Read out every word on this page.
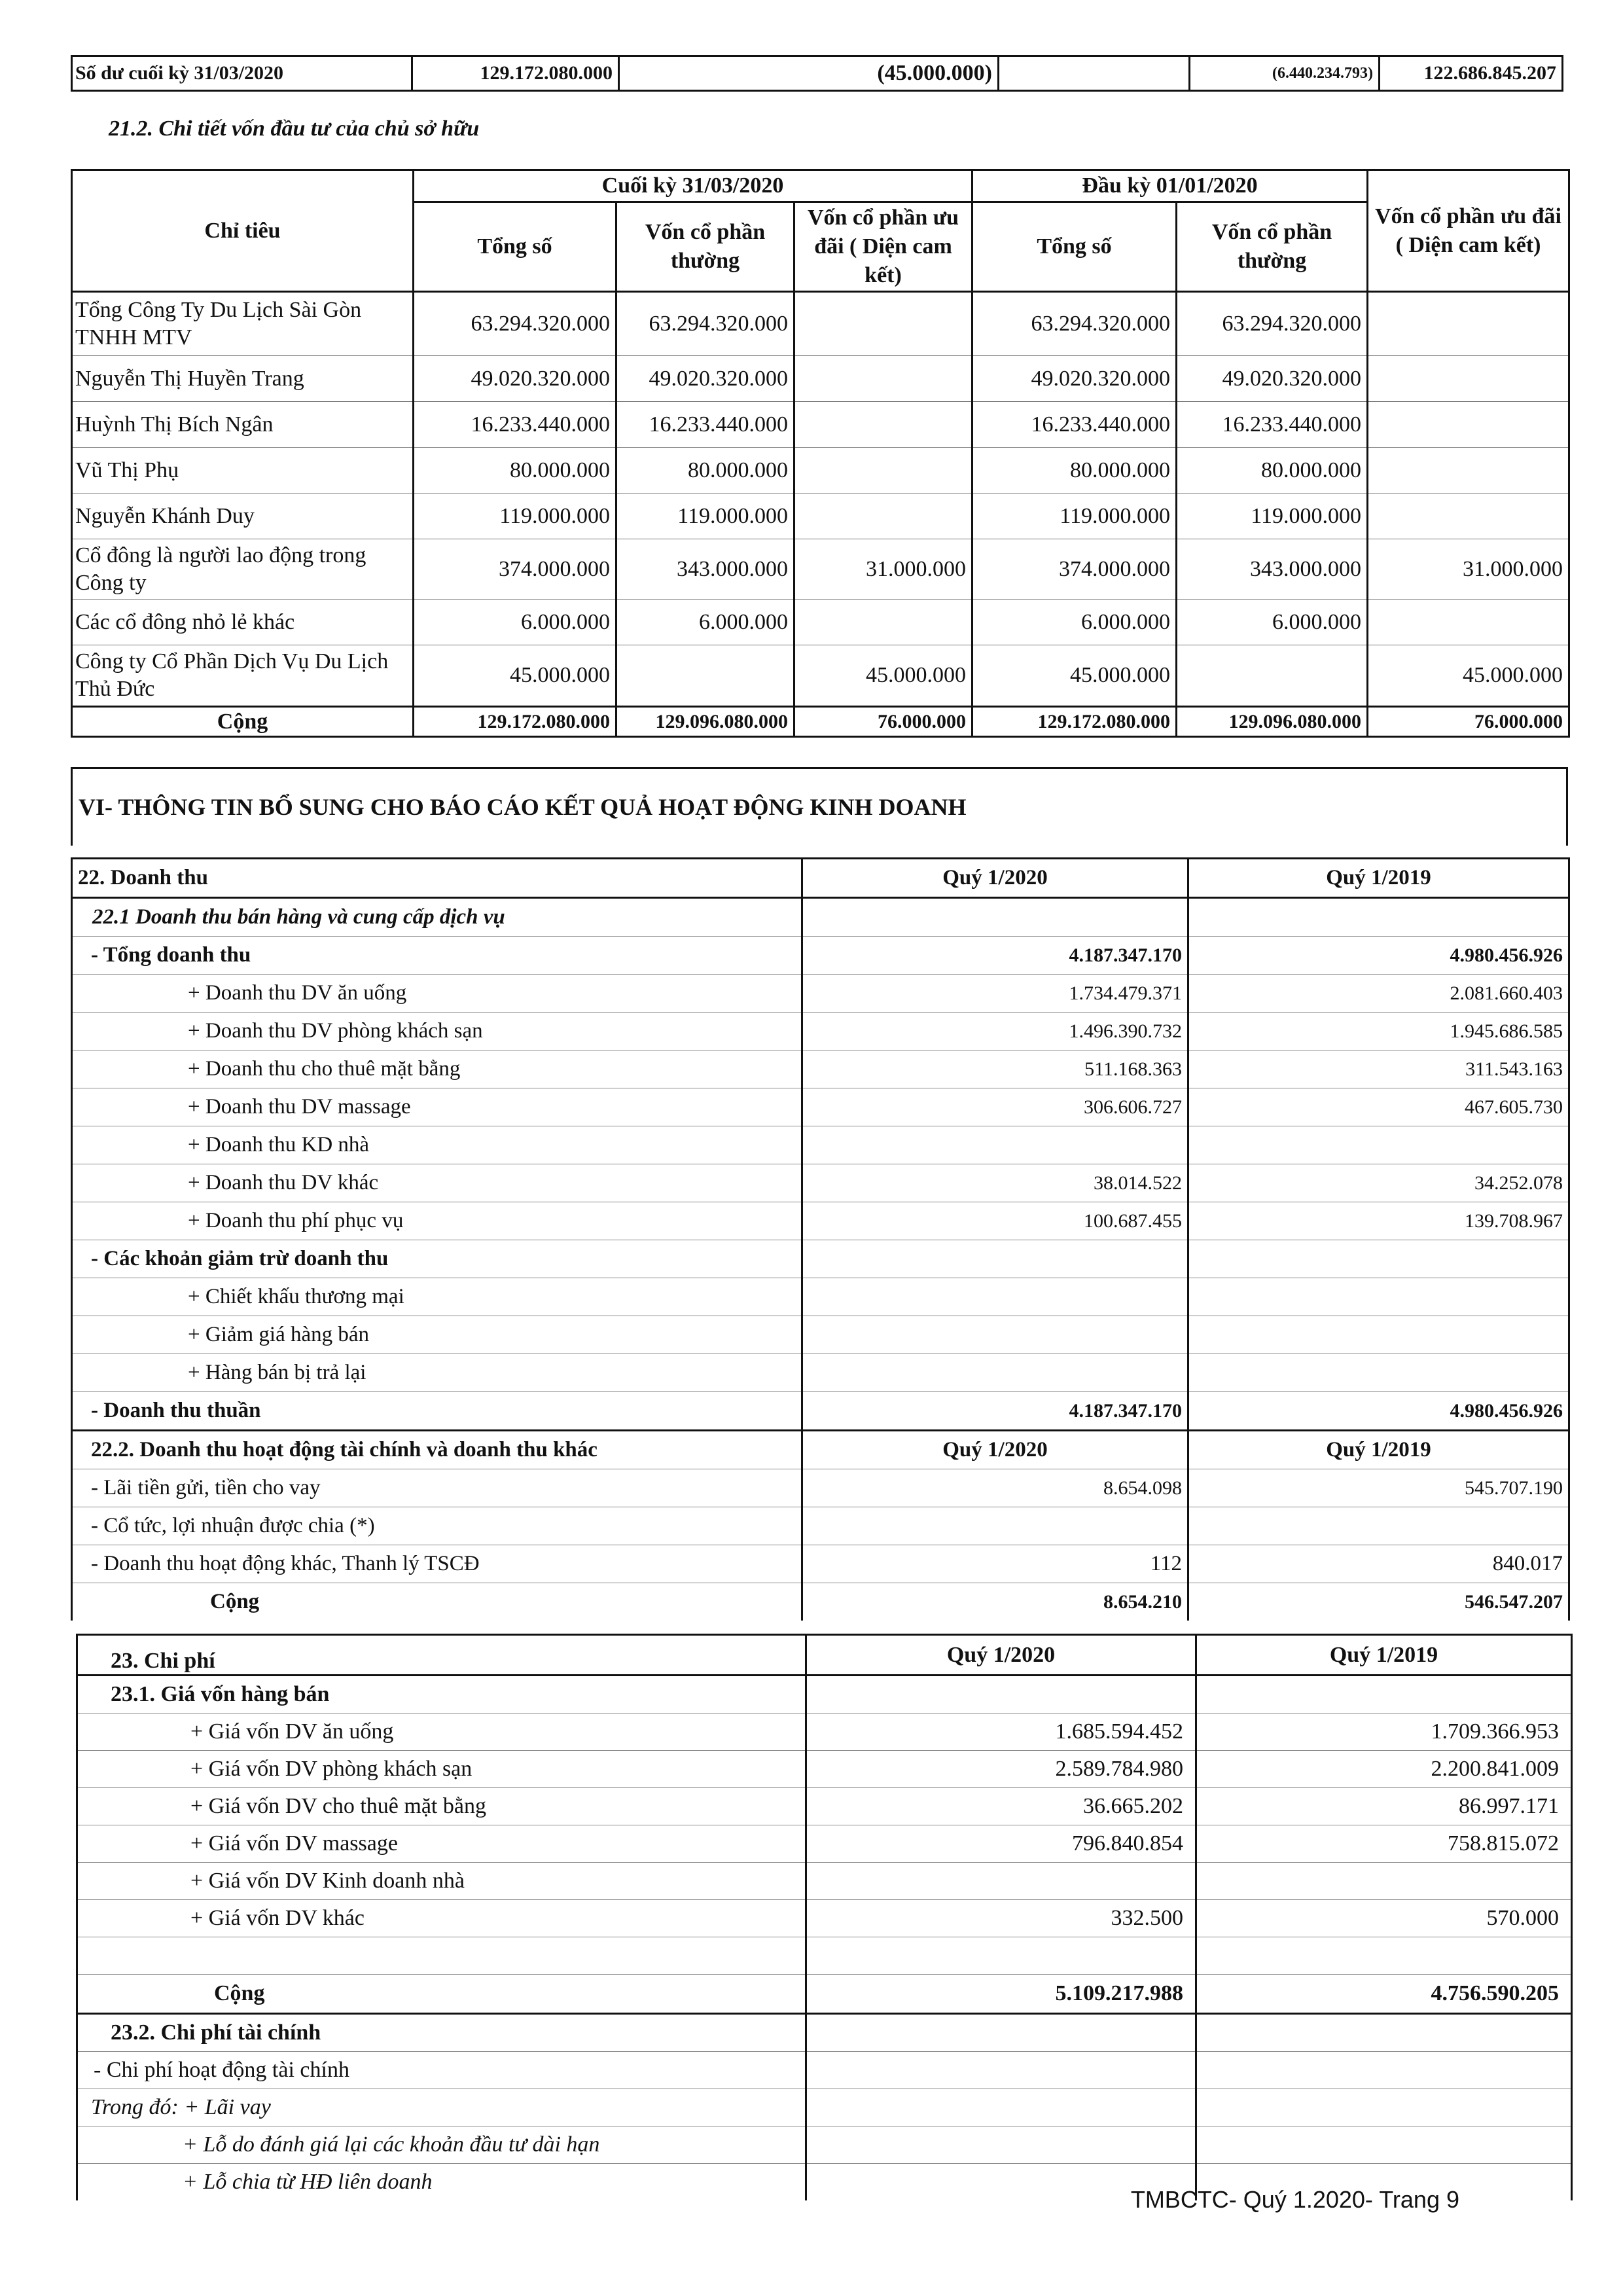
Số dư cuối kỳ 31/03/2020	129.172.080.000	(45.000.000)		(6.440.234.793)	122.686.845.207
21.2. Chi tiết vốn đầu tư của chủ sở hữu
Chỉ tiêu	Cuối kỳ 31/03/2020			Đầu kỳ 01/01/2020		Vốn cổ phần ưu đãi ( Diện cam kết)
	Tổng số	Vốn cổ phần thường	Vốn cổ phần ưu đãi ( Diện cam kết)	Tổng số	Vốn cổ phần thường	
Tổng Công Ty Du Lịch Sài Gòn TNHH MTV	63.294.320.000	63.294.320.000		63.294.320.000	63.294.320.000	
Nguyễn Thị Huyền Trang	49.020.320.000	49.020.320.000		49.020.320.000	49.020.320.000	
Huỳnh Thị Bích Ngân	16.233.440.000	16.233.440.000		16.233.440.000	16.233.440.000	
Vũ Thị Phụ	80.000.000	80.000.000		80.000.000	80.000.000	
Nguyễn Khánh Duy	119.000.000	119.000.000		119.000.000	119.000.000	
Cổ đông là người lao động trong Công ty	374.000.000	343.000.000	31.000.000	374.000.000	343.000.000	31.000.000
Các cổ đông nhỏ lẻ khác	6.000.000	6.000.000		6.000.000	6.000.000	
Công ty Cổ Phần Dịch Vụ Du Lịch Thủ Đức	45.000.000		45.000.000	45.000.000		45.000.000
Cộng	129.172.080.000	129.096.080.000	76.000.000	129.172.080.000	129.096.080.000	76.000.000
VI- THÔNG TIN BỔ SUNG CHO BÁO CÁO KẾT QUẢ HOẠT ĐỘNG KINH DOANH
22. Doanh thu	Quý 1/2020	Quý 1/2019
22.1 Doanh thu bán hàng và cung cấp dịch vụ		
- Tổng doanh thu	4.187.347.170	4.980.456.926
+ Doanh thu DV ăn uống	1.734.479.371	2.081.660.403
+ Doanh thu DV phòng khách sạn	1.496.390.732	1.945.686.585
+ Doanh thu cho thuê mặt bằng	511.168.363	311.543.163
+ Doanh thu DV massage	306.606.727	467.605.730
+ Doanh thu KD nhà		
+ Doanh thu DV khác	38.014.522	34.252.078
+ Doanh thu phí phục vụ	100.687.455	139.708.967
- Các khoản giảm trừ doanh thu		
+ Chiết khấu thương mại		
+ Giảm giá hàng bán		
+ Hàng bán bị trả lại		
- Doanh thu thuần	4.187.347.170	4.980.456.926
22.2. Doanh thu hoạt động tài chính và doanh thu khác	Quý 1/2020	Quý 1/2019
- Lãi tiền gửi, tiền cho vay	8.654.098	545.707.190
- Cổ tức, lợi nhuận được chia (*)		
- Doanh thu hoạt động khác, Thanh lý TSCĐ	112	840.017
Cộng	8.654.210	546.547.207
23. Chi phí	Quý 1/2020	Quý 1/2019
23.1. Giá vốn hàng bán		
+ Giá vốn DV ăn uống	1.685.594.452	1.709.366.953
+ Giá vốn DV phòng khách sạn	2.589.784.980	2.200.841.009
+ Giá vốn DV cho thuê mặt bằng	36.665.202	86.997.171
+ Giá vốn DV massage	796.840.854	758.815.072
+ Giá vốn DV Kinh doanh nhà		
+ Giá vốn DV khác	332.500	570.000

Cộng	5.109.217.988	4.756.590.205
23.2. Chi phí tài chính		
- Chi phí hoạt động tài chính		
Trong đó: + Lãi vay		
+ Lỗ do đánh giá lại các khoản đầu tư dài hạn		
+ Lỗ chia từ HĐ liên doanh		
TMBCTC- Quý 1.2020- Trang 9
